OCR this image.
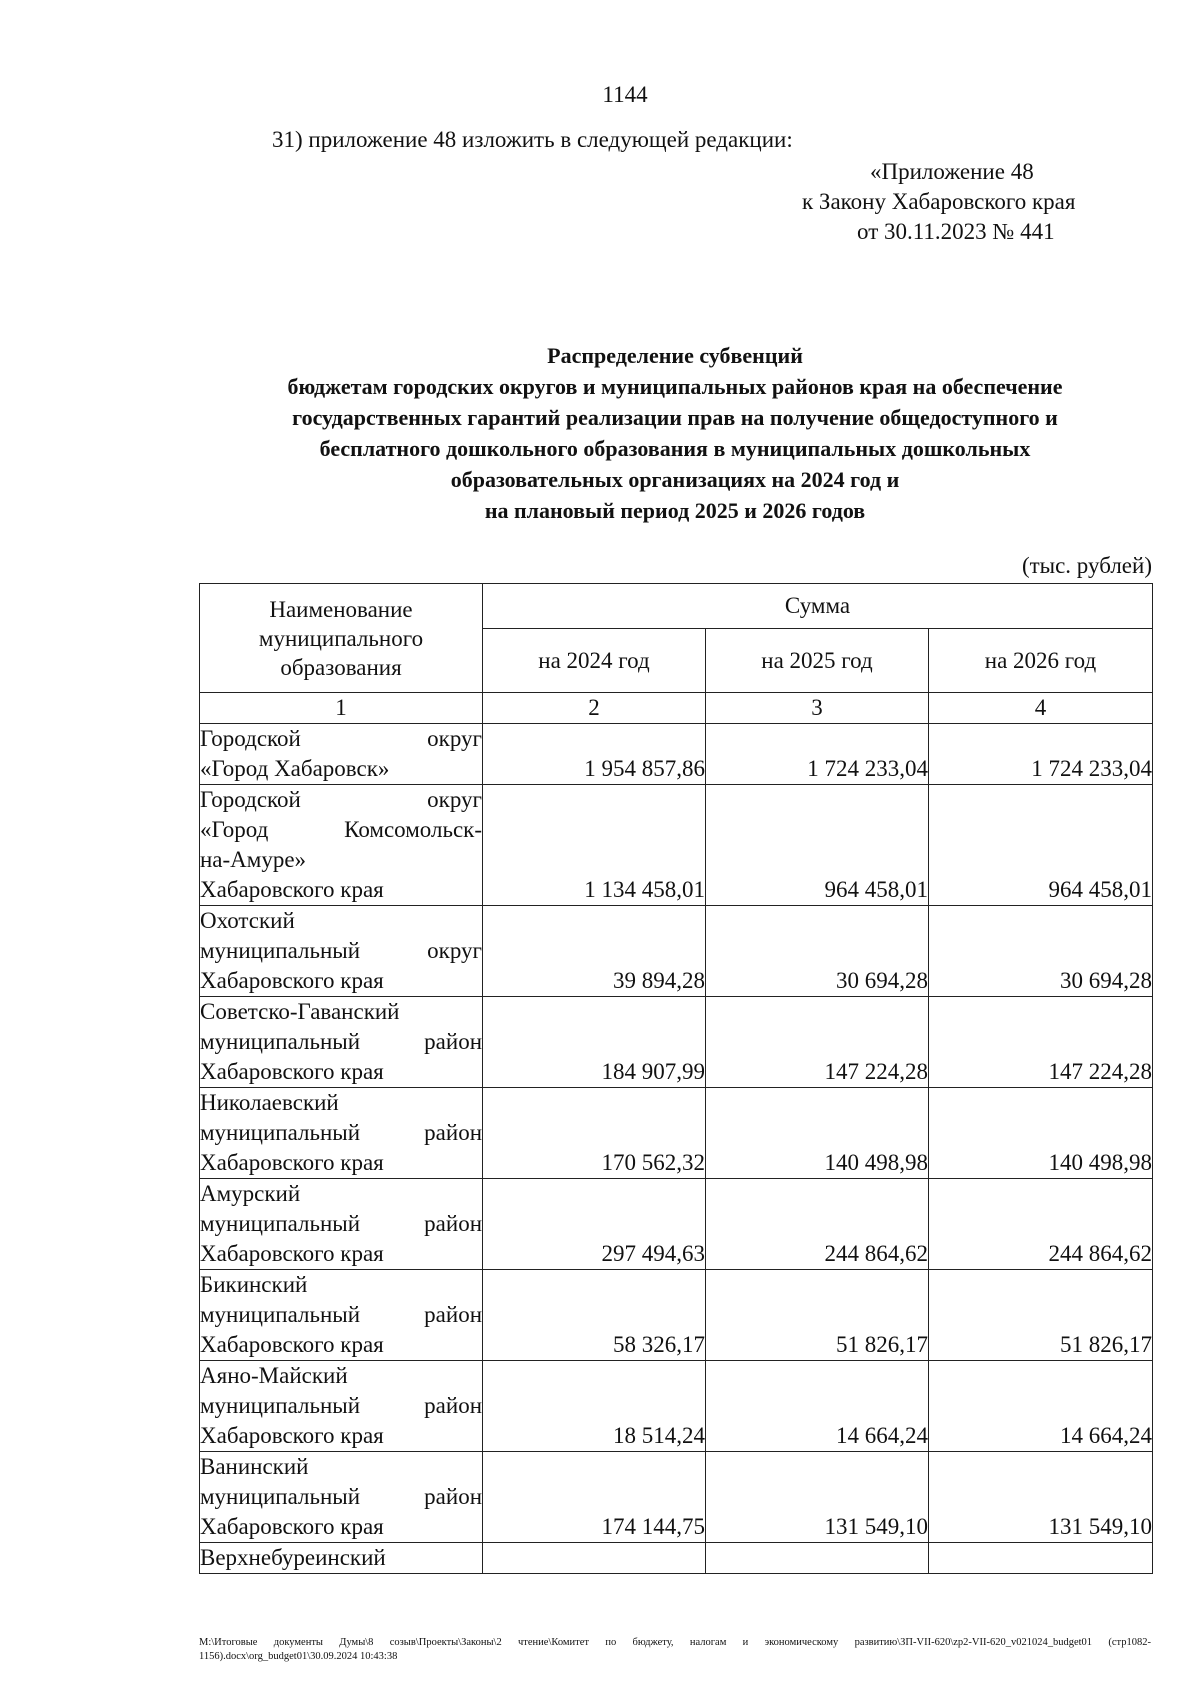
1144
31) приложение 48 изложить в следующей редакции:
«Приложение 48
к Закону Хабаровского края
от 30.11.2023 № 441
Распределение субвенций
бюджетам городских округов и муниципальных районов края на обеспечение
государственных гарантий реализации прав на получение общедоступного и
бесплатного дошкольного образования в муниципальных дошкольных
образовательных организациях на 2024 год и
на плановый период 2025 и 2026 годов
(тыс. рублей)
Наименование
муниципального
образования	Сумма		
	на 2024 год	на 2025 год	на 2026 год
1	2	3	4

Городской округ
«Город Хабаровск»	1 954 857,86	1 724 233,04	1 724 233,04

Городской округ
«Город Комсомольск-
на-Амуре»
Хабаровского края	1 134 458,01	964 458,01	964 458,01

Охотский
муниципальный округ
Хабаровского края	39 894,28	30 694,28	30 694,28

Советско-Гаванский
муниципальный район
Хабаровского края	184 907,99	147 224,28	147 224,28

Николаевский
муниципальный район
Хабаровского края	170 562,32	140 498,98	140 498,98

Амурский
муниципальный район
Хабаровского края	297 494,63	244 864,62	244 864,62

Бикинский
муниципальный район
Хабаровского края	58 326,17	51 826,17	51 826,17

Аяно-Майский
муниципальный район
Хабаровского края	18 514,24	14 664,24	14 664,24

Ванинский
муниципальный район
Хабаровского края	174 144,75	131 549,10	131 549,10

Верхнебуреинский			

М:\Итоговые документы Думы\8 созыв\Проекты\Законы\2 чтение\Комитет по бюджету, налогам и экономическому развитию\ЗП-VII-620\zp2-VII-620_v021024_budget01 (стр1082-1156).docx\org_budget01\30.09.2024 10:43:38
